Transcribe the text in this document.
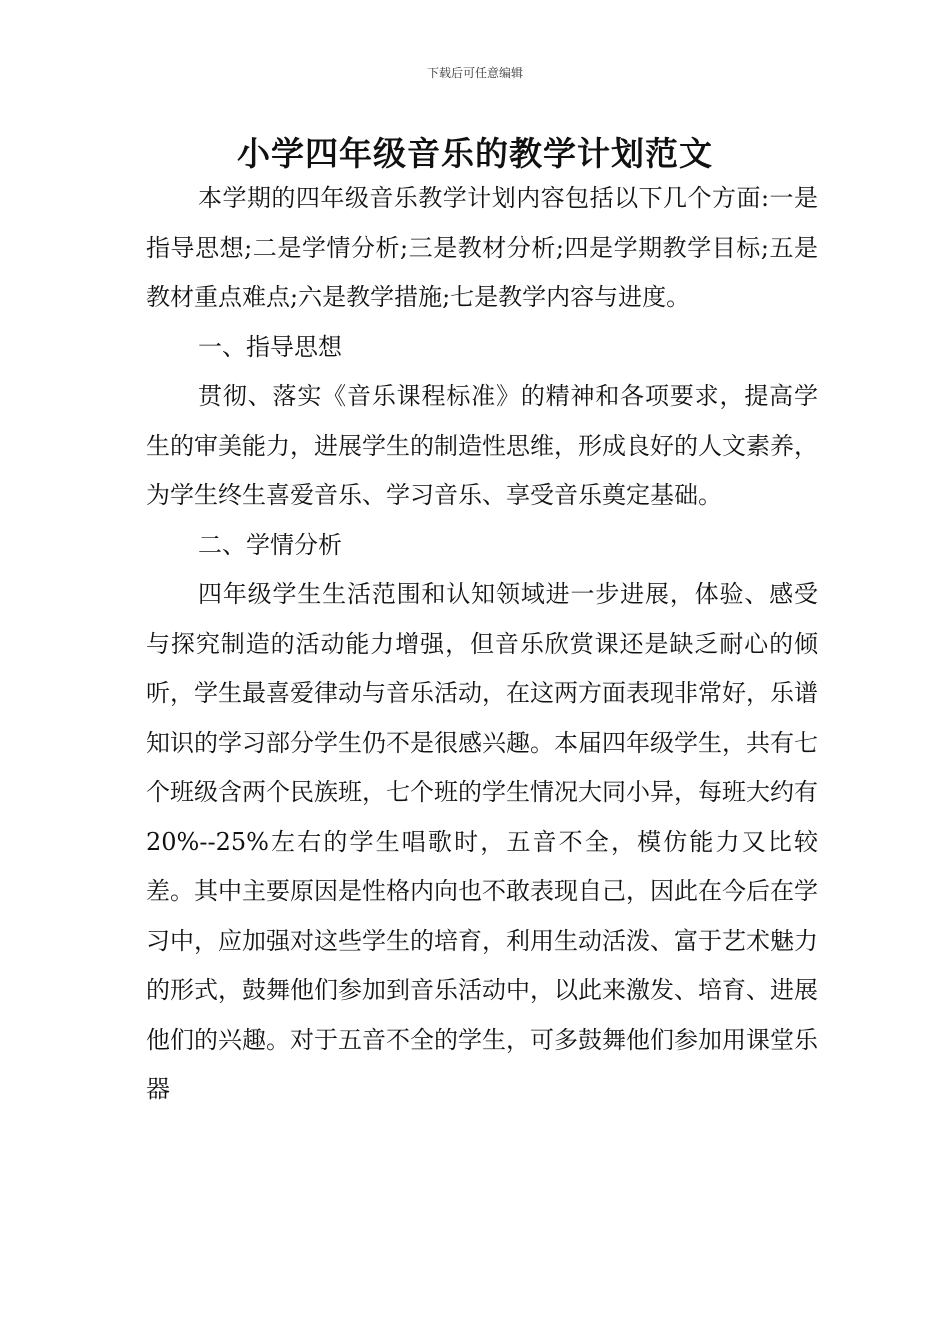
下载后可任意编辑
小学四年级音乐的教学计划范文

本学期的四年级音乐教学计划内容包括以下几个方面:一是指导思想;二是学情分析;三是教材分析;四是学期教学目标;五是教材重点难点;六是教学措施;七是教学内容与进度。

一、指导思想

贯彻、落实《音乐课程标准》的精神和各项要求，提高学生的审美能力，进展学生的制造性思维，形成良好的人文素养，为学生终生喜爱音乐、学习音乐、享受音乐奠定基础。

二、学情分析

四年级学生生活范围和认知领域进一步进展，体验、感受与探究制造的活动能力增强，但音乐欣赏课还是缺乏耐心的倾听，学生最喜爱律动与音乐活动，在这两方面表现非常好，乐谱知识的学习部分学生仍不是很感兴趣。本届四年级学生，共有七个班级含两个民族班，七个班的学生情况大同小异，每班大约有 20%--25%左右的学生唱歌时，五音不全，模仿能力又比较差。其中主要原因是性格内向也不敢表现自己，因此在今后在学习中，应加强对这些学生的培育，利用生动活泼、富于艺术魅力的形式，鼓舞他们参加到音乐活动中，以此来激发、培育、进展他们的兴趣。对于五音不全的学生，可多鼓舞他们参加用课堂乐器
